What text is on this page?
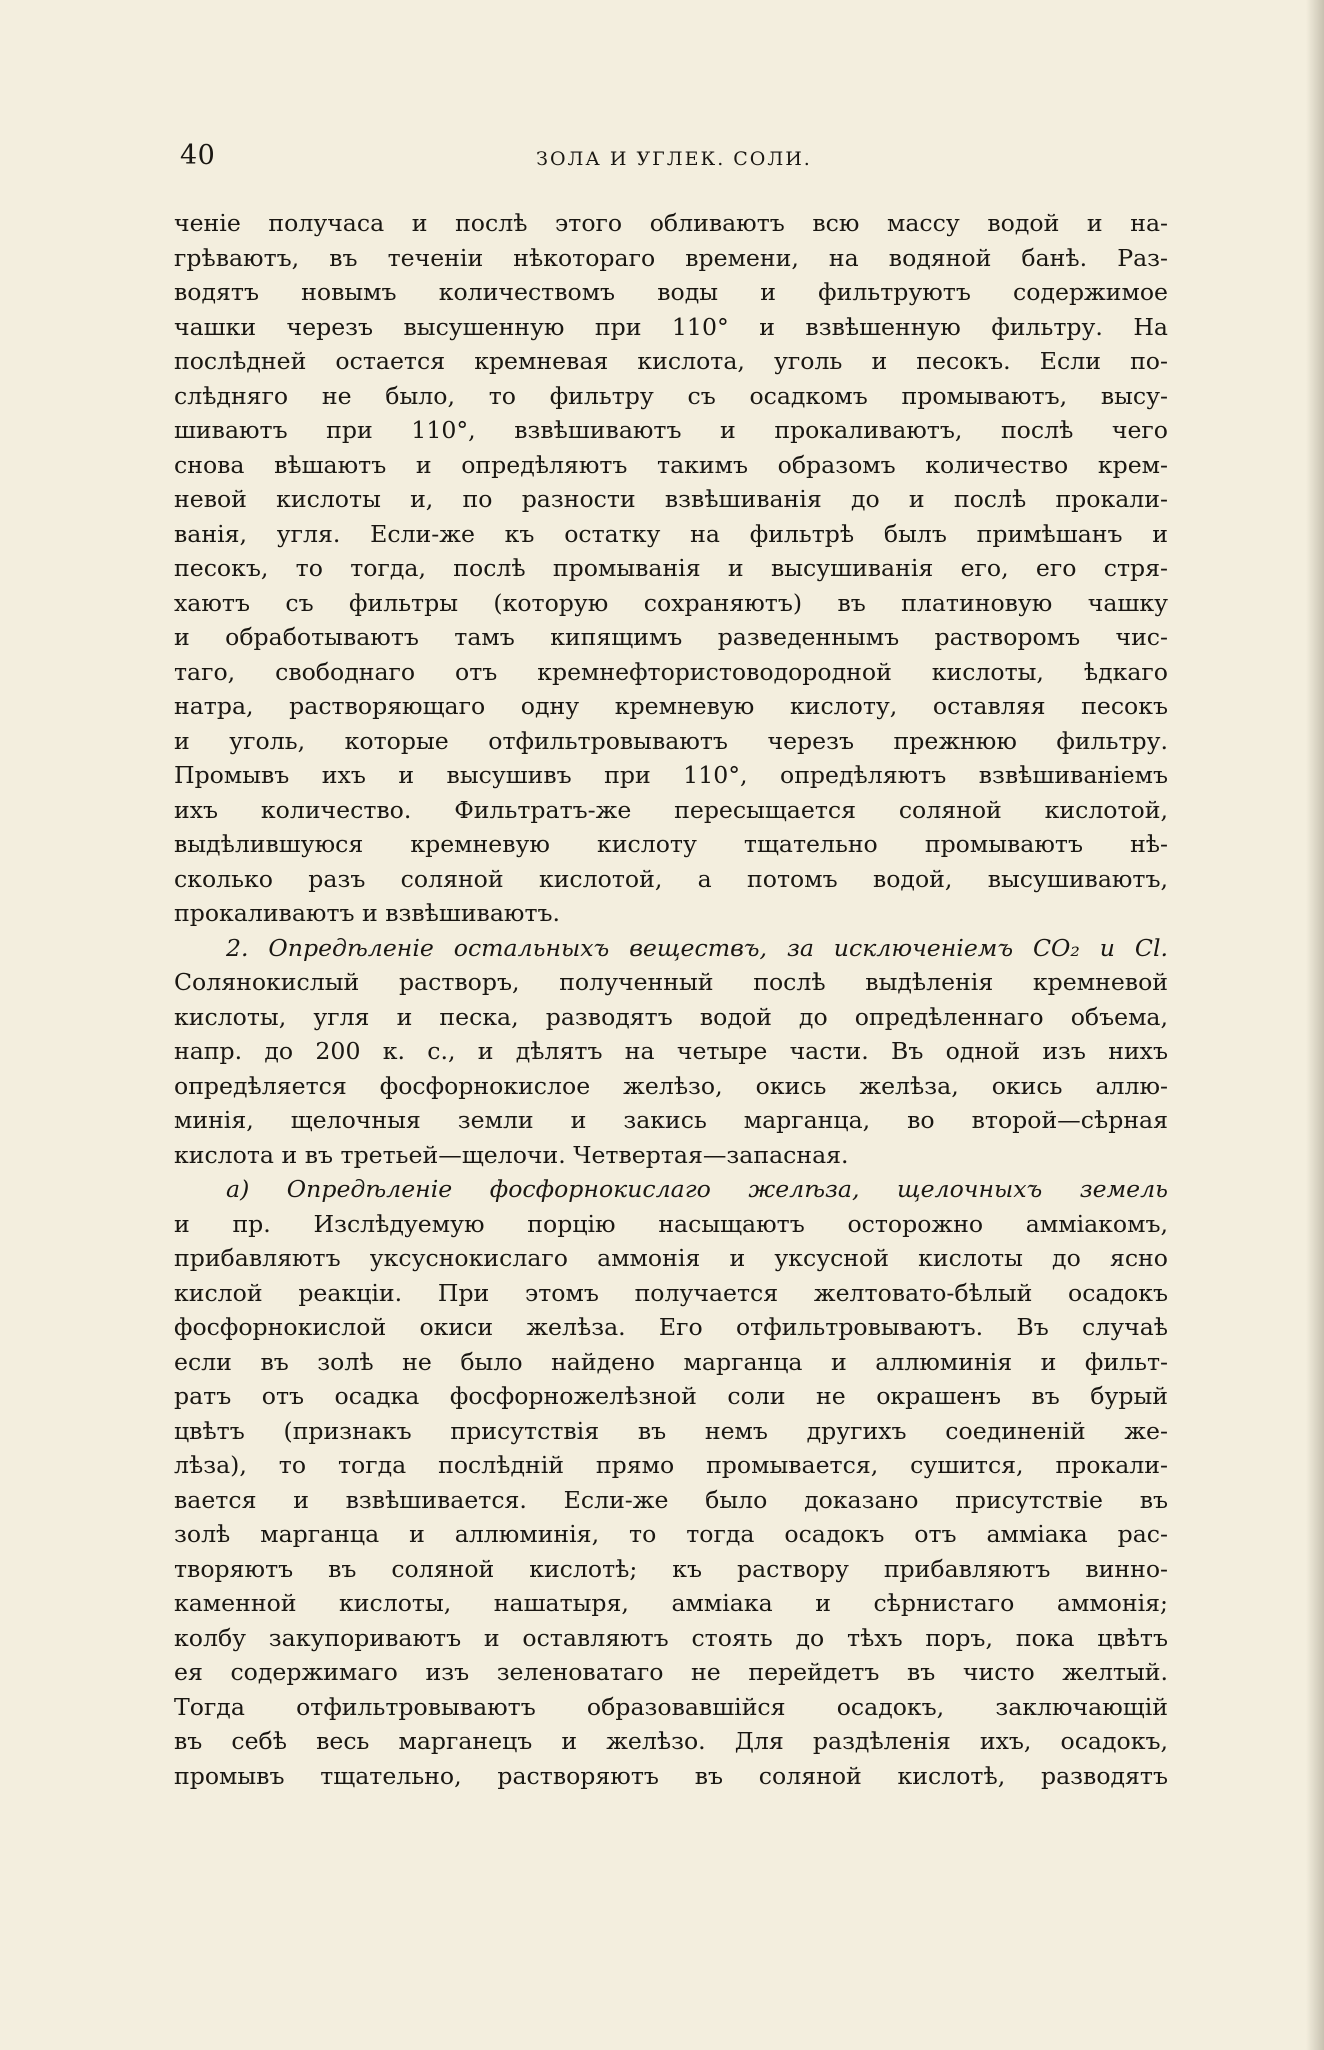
40	ЗОЛА И УГЛЕК. СОЛИ.
ченіе получаса и послѣ этого обливаютъ всю массу водой и на-
грѣваютъ, въ теченіи нѣкотораго времени, на водяной банѣ. Раз-
водятъ новымъ количествомъ воды и фильтруютъ содержимое
чашки черезъ высушенную при 110° и взвѣшенную фильтру. На
послѣдней остается кремневая кислота, уголь и песокъ. Если по-
слѣдняго не было, то фильтру съ осадкомъ промываютъ, высу-
шиваютъ при 110°, взвѣшиваютъ и прокаливаютъ, послѣ чего
снова вѣшаютъ и опредѣляютъ такимъ образомъ количество крем-
невой кислоты и, по разности взвѣшиванія до и послѣ прокали-
ванія, угля. Если-же къ остатку на фильтрѣ былъ примѣшанъ и
песокъ, то тогда, послѣ промыванія и высушиванія его, его стря-
хаютъ съ фильтры (которую сохраняютъ) въ платиновую чашку
и обработываютъ тамъ кипящимъ разведеннымъ растворомъ чис-
таго, свободнаго отъ кремнефтористоводородной кислоты, ѣдкаго
натра, растворяющаго одну кремневую кислоту, оставляя песокъ
и уголь, которые отфильтровываютъ черезъ прежнюю фильтру.
Промывъ ихъ и высушивъ при 110°, опредѣляютъ взвѣшиваніемъ
ихъ количество. Фильтратъ-же пересыщается соляной кислотой,
выдѣлившуюся кремневую кислоту тщательно промываютъ нѣ-
сколько разъ соляной кислотой, а потомъ водой, высушиваютъ,
прокаливаютъ и взвѣшиваютъ.
2. Опредѣленіе остальныхъ веществъ, за исключеніемъ CO₂ и Cl.
Солянокислый растворъ, полученный послѣ выдѣленія кремневой
кислоты, угля и песка, разводятъ водой до опредѣленнаго объема,
напр. до 200 к. с., и дѣлятъ на четыре части. Въ одной изъ нихъ
опредѣляется фосфорнокислое желѣзо, окись желѣза, окись аллю-
минія, щелочныя земли и закись марганца, во второй—сѣрная
кислота и въ третьей—щелочи. Четвертая—запасная.
а) Опредѣленіе фосфорнокислаго желѣза, щелочныхъ земель
и пр. Изслѣдуемую порцію насыщаютъ осторожно амміакомъ,
прибавляютъ уксуснокислаго аммонія и уксусной кислоты до ясно
кислой реакціи. При этомъ получается желтовато-бѣлый осадокъ
фосфорнокислой окиси желѣза. Его отфильтровываютъ. Въ случаѣ
если въ золѣ не было найдено марганца и аллюминія и фильт-
ратъ отъ осадка фосфорножелѣзной соли не окрашенъ въ бурый
цвѣтъ (признакъ присутствія въ немъ другихъ соединеній же-
лѣза), то тогда послѣдній прямо промывается, сушится, прокали-
вается и взвѣшивается. Если-же было доказано присутствіе въ
золѣ марганца и аллюминія, то тогда осадокъ отъ амміака рас-
творяютъ въ соляной кислотѣ; къ раствору прибавляютъ винно-
каменной кислоты, нашатыря, амміака и сѣрнистаго аммонія;
колбу закупориваютъ и оставляютъ стоять до тѣхъ поръ, пока цвѣтъ
ея содержимаго изъ зеленоватаго не перейдетъ въ чисто желтый.
Тогда отфильтровываютъ образовавшійся осадокъ, заключающій
въ себѣ весь марганецъ и желѣзо. Для раздѣленія ихъ, осадокъ,
промывъ тщательно, растворяютъ въ соляной кислотѣ, разводятъ
